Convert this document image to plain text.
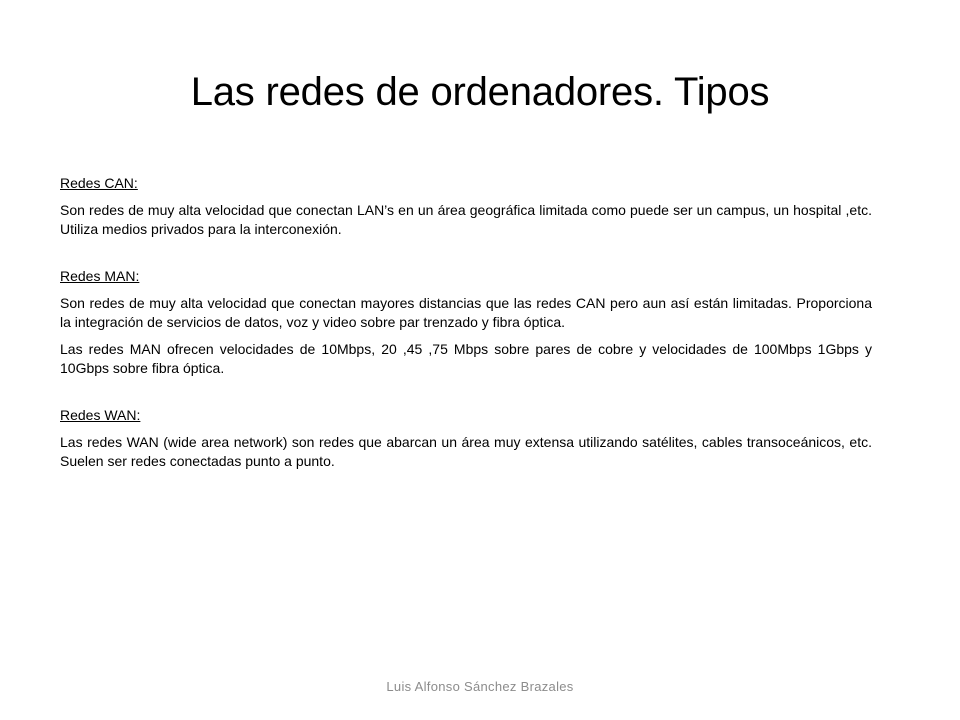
Las redes de ordenadores. Tipos

Redes CAN:

Son redes de muy alta velocidad que conectan LAN’s en un área geográfica limitada como puede ser un campus, un hospital ,etc. Utiliza medios privados para la interconexión.

Redes MAN:

Son redes de muy alta velocidad que conectan mayores distancias que las redes CAN pero aun así están limitadas. Proporciona la integración de servicios de datos, voz y video sobre par trenzado y fibra óptica.

Las redes MAN ofrecen velocidades de 10Mbps, 20 ,45 ,75 Mbps sobre pares de cobre y velocidades de 100Mbps 1Gbps y 10Gbps sobre fibra óptica.

Redes WAN:

Las redes WAN (wide area network) son redes que abarcan un área muy extensa utilizando satélites, cables transoceánicos, etc. Suelen ser redes conectadas punto a punto.

Luis Alfonso Sánchez Brazales
